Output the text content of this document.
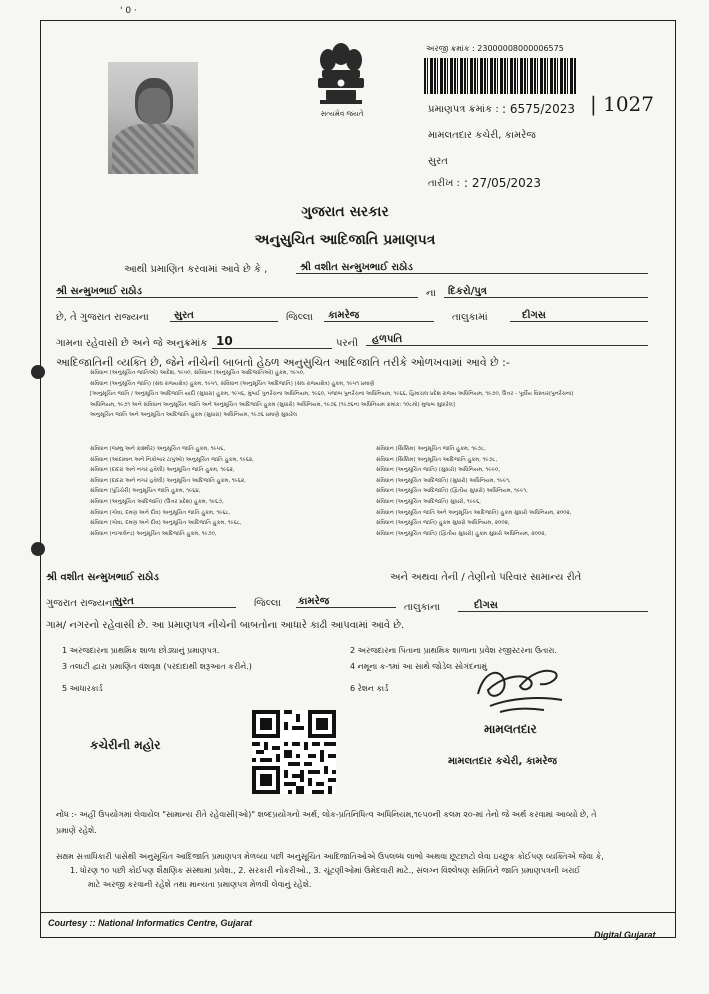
' 0 ·
સત્યમેવ જયતે
અરજી ક્રમાંક : 23000008000006575
પ્રમાણપત્ર ક્રમાંક : : 6575/2023 | 1027
મામલતદાર કચેરી, કામરેજ
સુરત
તારીખ : : 27/05/2023
ગુજરાત સરકાર
અનુસુચિત આદિજાતિ પ્રમાણપત્ર
આથી પ્રમાણિત કરવામાં આવે છે કે ,	શ્રી વશીત સન્મુખભાઈ રાઠોડ
શ્રી સન્મુખભાઈ રાઠોડ	ના	દિકરો/પુત્ર
છે, તે ગુજરાત રાજ્યના	સુરત	જિલ્લા	કામરેજ	તાલુકામાં	દીગસ
ગામના રહેવાસી છે અને જે અનુક્રમાંક 10	પરની	હળપતિ
આદિજાતિની વ્યક્તિ છે, જેને નીચેની બાબતો હેઠળ અનુસુચિત આદિજાતિ તરીકે ઓળખવામાં આવે છે :-
સંવિધાન (અનુસૂચિત જાતિઓ) આદેશ, ૧૯૫૦, સંવિધાન (અનુસૂચિત આદિજાતિઓ) હુકમ, ૧૯૫૦,
સંવિધાન (અનુસૂચિત જાતિ) (સંઘ રાજ્યક્ષેત્ર) હુકમ, ૧૯૫૧, સંવિધાન (અનુસૂચિત આદિજાતિ) (સંઘ રાજ્યક્ષેત્ર) હુકમ, ૧૯૫૧ પ્રમાણે
[અનુસૂચિત જાતિ / અનુસૂચિત આદિજાતિ યાદી (સુધારા) હુકમ, ૧૯૫૬, મુંબઈ પુનર્રચના અધિનિયમ, ૧૯૬૦, પંજાબ પુનર્રચના અધિનિયમ, ૧૯૬૬, હિમાચલ પ્રદેશ રાજ્ય અધિનિયમ, ૧૯૭૦, ઉત્તર - પૂર્વીય વિસ્તાર(પુનર્રચના)
અધિનિયમ, ૧૯૭૧ અને સંવિધાન અનુસૂચિત જાતિ અને અનુસૂચિત આદિજાતિ હુકમ (સુધારો) અધિનિયમ, ૧૯૭૬ (૧૯૭૬ના અધિનિયમ ક્રમાંક: ૧૦૮મો) મુજબ સુધારેલ]
અનુસૂચિત જાતિ અને અનુસૂચિત આદિજાતિ હુકમ (સુધારા) અધિનિયમ, ૧૯૭૬ પ્રમાણે સુધારેલ
સંવિધાન (જમ્મુ અને કાશ્મીર) અનુસૂચિત જાતિ હુકમ, ૧૯૫૬,
સંવિધાન (આંદામાન અને નિકોબાર ટાપુઓ) અનુસૂચિત જાતિ હુકમ, ૧૯૬૨,
સંવિધાન (દાદરા અને નગર હવેલી) અનુસૂચિત જાતિ હુકમ, ૧૯૬૨,
સંવિધાન (દાદરા અને નગર હવેલી) અનુસૂચિત આદિજાતિ હુકમ, ૧૯૬૨,
સંવિધાન (પુંડિચેરી) અનુસૂચિત જાતિ હુકમ, ૧૯૬૪,
સંવિધાન (અનુસૂચિત આદિજાતિ) (ઉત્તર પ્રદેશ) હુકમ, ૧૯૬૭,
સંવિધાન (ગોવા, દમણ અને દીવ) અનુસૂચિત જાતિ હુકમ, ૧૯૬૮,
સંવિધાન (ગોવા, દમણ અને દીવ) અનુસૂચિત આદિજાતિ હુકમ, ૧૯૬૮,
સંવિધાન (નાગાલેન્ડ) અનુસૂચિત આદિજાતિ હુકમ, ૧૯૭૦,
સંવિધાન (સિક્કિમ) અનુસૂચિત જાતિ હુકમ, ૧૯૭૮,
સંવિધાન (સિક્કિમ) અનુસૂચિત આદિજાતિ હુકમ, ૧૯૭૮,
સંવિધાન (અનુસૂચિત જાતિ) (સુધારો) અધિનિયમ, ૧૯૯૦,
સંવિધાન (અનુસૂચિત આદિજાતિ) (સુધારો) અધિનિયમ, ૧૯૯૧,
સંવિધાન (અનુસૂચિત આદિજાતિ) (દ્વિતીય સુધારો) અધિનિયમ, ૧૯૯૧,
સંવિધાન (અનુસૂચિત આદિજાતિ) સુધારો, ૧૯૯૬,
સંવિધાન (અનુસૂચિત જાતિ અને અનુસૂચિત આદિજાતિ) હુકમ સુધારો અધિનિયમ, ૨૦૦૨,
સંવિધાન (અનુસૂચિત જાતિ) હુકમ સુધારો અધિનિયમ, ૨૦૦૨,
સંવિધાન (અનુસૂચિત જાતિ) (દ્વિતીય સુધારો) હુકમ સુધારો અધિનિયમ, ૨૦૦૨,
શ્રી વશીત સન્મુખભાઈ રાઠોડ	અને અથવા તેની / તેણીનો પરિવાર સામાન્ય રીતે
ગુજરાત રાજ્યના સુરત	જિલ્લા કામરેજ
તાલુકાના	દીગસ
ગામ/ નગરનો રહેવાસી છે. આ પ્રમાણપત્ર નીચેની બાબતોના આધારે કાઢી આપવામાં આવે છે.
1 અરજદારના પ્રાથમિક શાળા છોડ્યાનું પ્રમાણપત્ર.	2 અરજદારના પિતાના પ્રાથમિક શાળાના પ્રવેશ રજીસ્ટરના ઉતારા.
3 તલાટી દ્વારા પ્રમાણિત વંશવૃક્ષ (પરદાદાથી શરૂઆત કરીને.)	4 નમૂના ક-૧માં આ સાથે જોડેલ સોગંદનામું
5 આધારકાર્ડ	6 રેશન કાર્ડ
કચેરીની મહોર
મામલતદાર
મામલતદાર કચેરી, કામરેજ
નોંધ :- અહીં ઉપયોગમાં લેવાયેલ "સામાન્ય રીતે રહેવાસી(ઓ)" શબ્દપ્રયોગનો અર્થ, લોક-પ્રતિનિધિત્વ અધિનિયમ,૧૯૫૦ની કલમ ૨૦-માં તેનો જે અર્થ કરવામાં આવ્યો છે, તે
પ્રમાણે રહેશે.
સક્ષમ સત્તાધિકારી પાસેથી અનુસૂચિત આદિજાતિ પ્રમાણપત્ર મેળવ્યા પછી અનુસૂચિત આદિજાતિઓએ ઉપલબ્ધ લાભો અથવા છૂટછાટો લેવા ઇચ્છુક કોઈપણ વ્યક્તિએ જેવા કે,
1. ધોરણ ૧૦ પછી કોઈપણ શૈક્ષણિક સંસ્થામાં પ્રવેશ., 2. સરકારી નોકરીઓ., 3. ચૂંટણીઓમાં ઉમેદવારી માટે., સંલગ્ન વિશ્લેષણ સમિતિને જાતિ પ્રમાણપત્રની ખરાઈ
માટે અરજી કરવાની રહેશે તથા માન્યતા પ્રમાણપત્ર મેળવી લેવાનું રહેશે.
Courtesy :: National Informatics Centre, Gujarat
Digital Gujarat
